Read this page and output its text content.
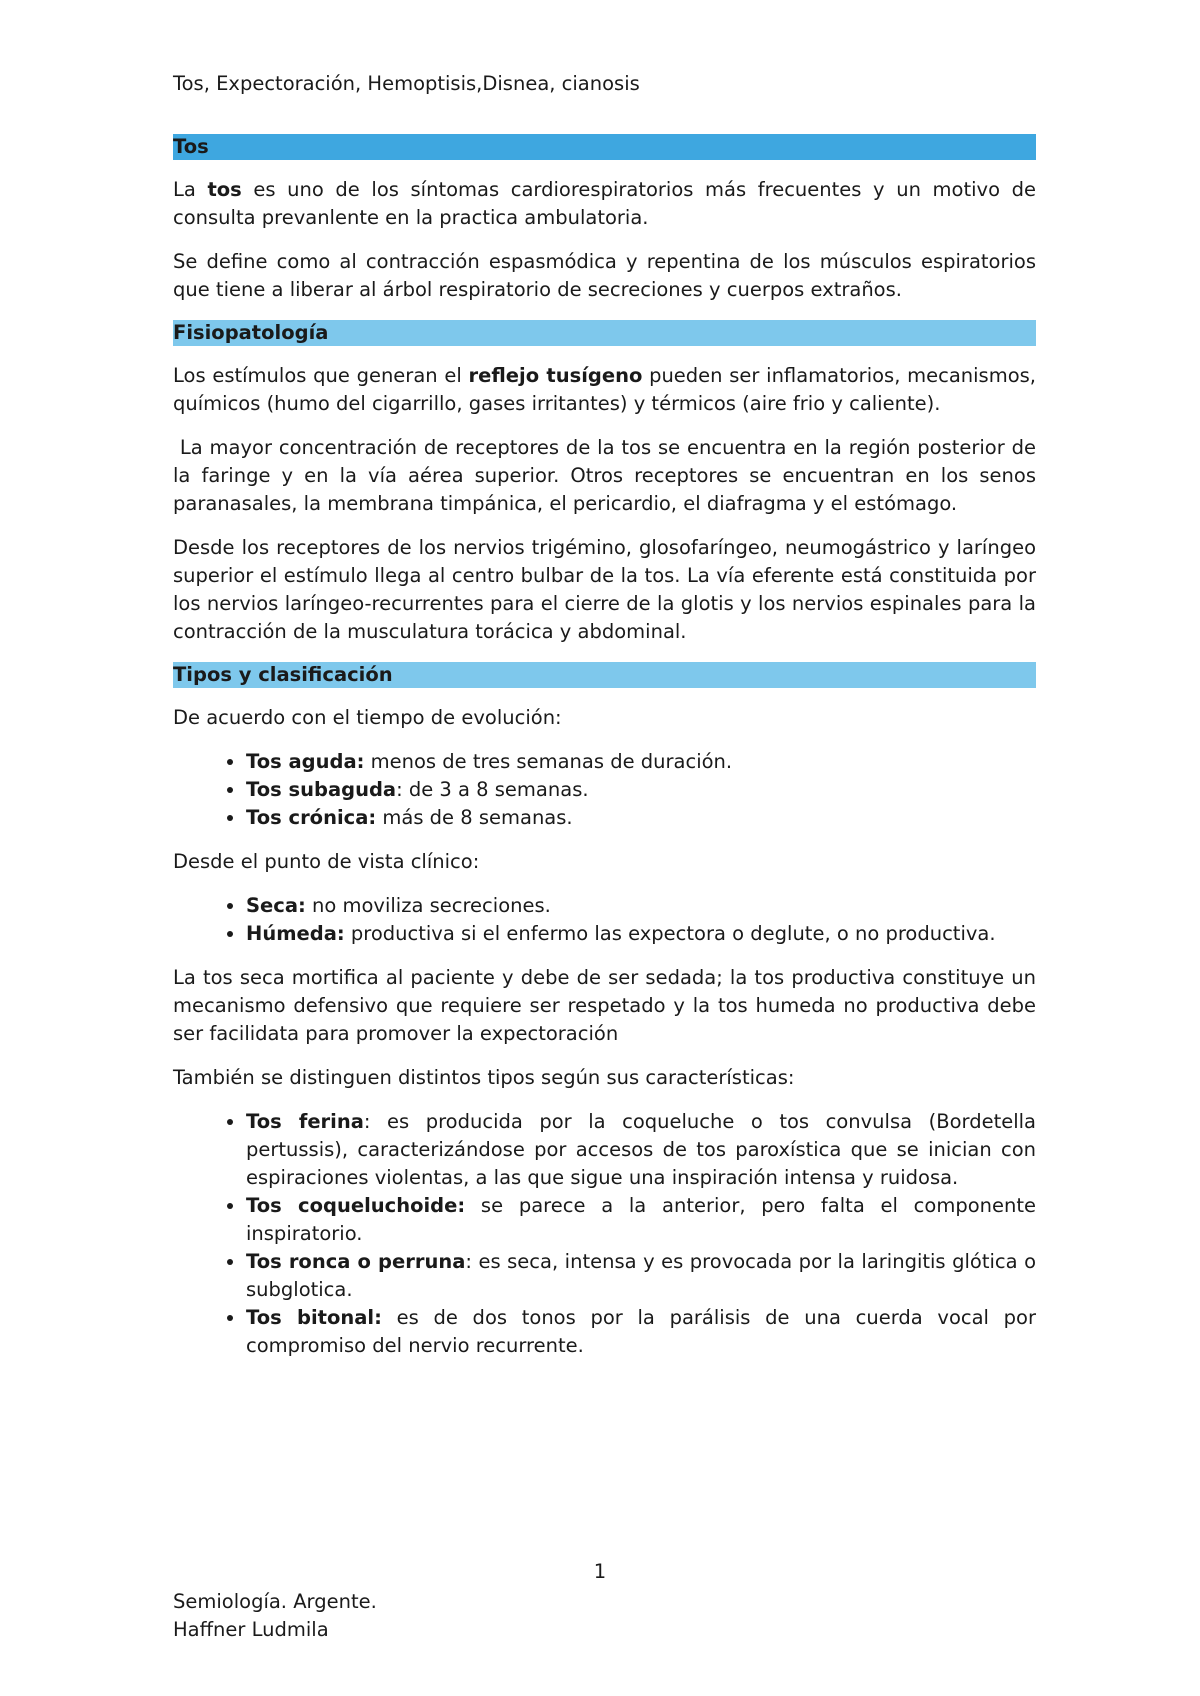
Tos, Expectoración, Hemoptisis,Disnea, cianosis
Tos

La tos es uno de los síntomas cardiorespiratorios más frecuentes y un motivo de consulta prevanlente en la practica ambulatoria.

Se define como al contracción espasmódica y repentina de los músculos espiratorios que tiene a liberar al árbol respiratorio de secreciones y cuerpos extraños.

Fisiopatología

Los estímulos que generan el reflejo tusígeno pueden ser inflamatorios, mecanismos, químicos (humo del cigarrillo, gases irritantes) y térmicos (aire frio y caliente).

La mayor concentración de receptores de la tos se encuentra en la región posterior de la faringe y en la vía aérea superior. Otros receptores se encuentran en los senos paranasales, la membrana timpánica, el pericardio, el diafragma y el estómago.

Desde los receptores de los nervios trigémino, glosofaríngeo, neumogástrico y laríngeo superior el estímulo llega al centro bulbar de la tos. La vía eferente está constituida por los nervios laríngeo-recurrentes para el cierre de la glotis y los nervios espinales para la contracción de la musculatura torácica y abdominal.

Tipos y clasificación

De acuerdo con el tiempo de evolución:

• Tos aguda: menos de tres semanas de duración.
• Tos subaguda: de 3 a 8 semanas.
• Tos crónica: más de 8 semanas.

Desde el punto de vista clínico:

• Seca: no moviliza secreciones.
• Húmeda: productiva si el enfermo las expectora o deglute, o no productiva.

La tos seca mortifica al paciente y debe de ser sedada; la tos productiva constituye un mecanismo defensivo que requiere ser respetado y la tos humeda no productiva debe ser facilidata para promover la expectoración

También se distinguen distintos tipos según sus características:

• Tos ferina: es producida por la coqueluche o tos convulsa (Bordetella pertussis), caracterizándose por accesos de tos paroxística que se inician con espiraciones violentas, a las que sigue una inspiración intensa y ruidosa.
• Tos coqueluchoide: se parece a la anterior, pero falta el componente inspiratorio.
• Tos ronca o perruna: es seca, intensa y es provocada por la laringitis glótica o subglotica.
• Tos bitonal: es de dos tonos por la parálisis de una cuerda vocal por compromiso del nervio recurrente.
1
Semiología. Argente.
Haffner Ludmila
